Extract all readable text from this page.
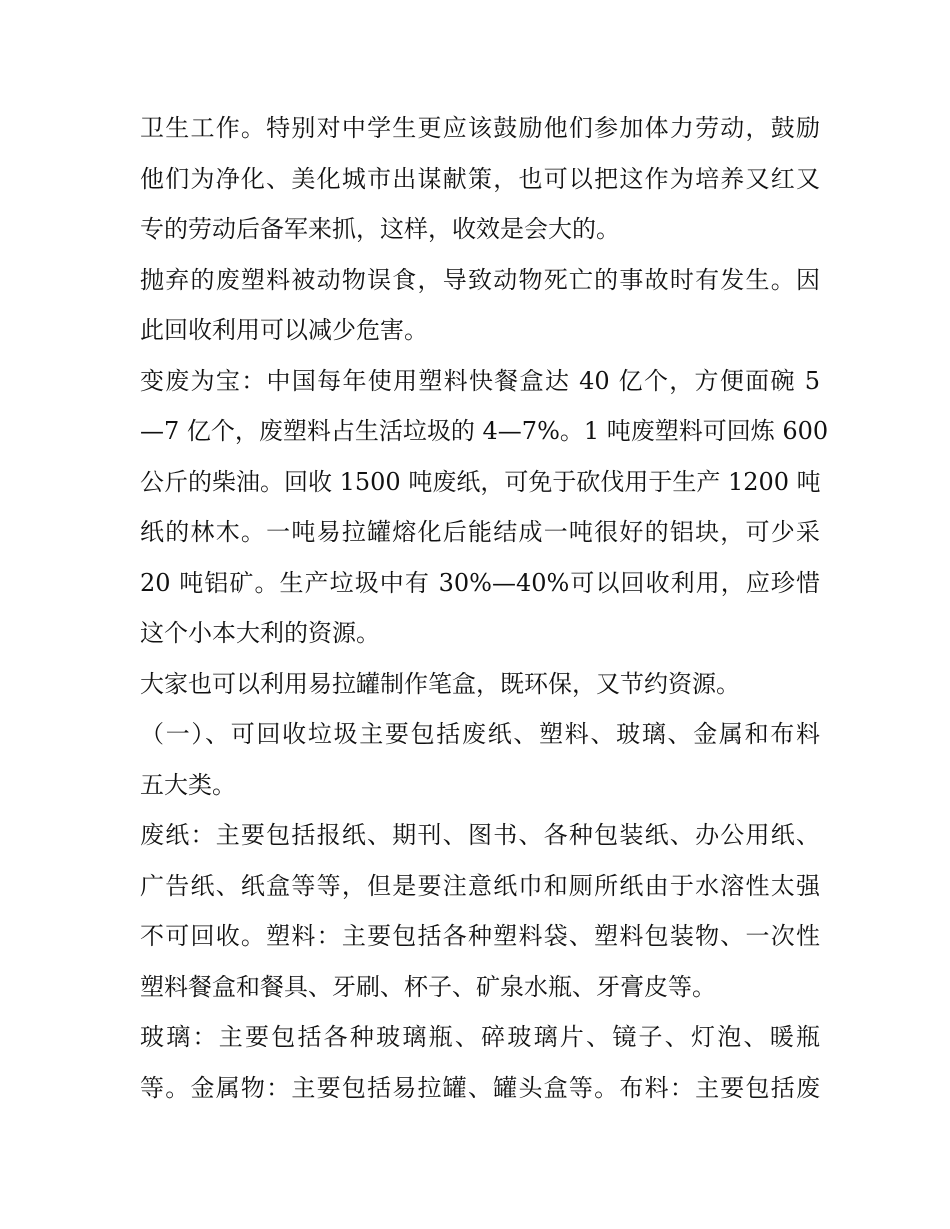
卫生工作。特别对中学生更应该鼓励他们参加体力劳动，鼓励
他们为净化、美化城市出谋献策，也可以把这作为培养又红又
专的劳动后备军来抓，这样，收效是会大的。
抛弃的废塑料被动物误食，导致动物死亡的事故时有发生。因
此回收利用可以减少危害。
变废为宝：中国每年使用塑料快餐盒达 40 亿个，方便面碗 5
—7 亿个，废塑料占生活垃圾的 4—7%。1 吨废塑料可回炼 600
公斤的柴油。回收 1500 吨废纸，可免于砍伐用于生产 1200 吨
纸的林木。一吨易拉罐熔化后能结成一吨很好的铝块，可少采
20 吨铝矿。生产垃圾中有 30%—40%可以回收利用，应珍惜
这个小本大利的资源。
大家也可以利用易拉罐制作笔盒，既环保，又节约资源。
（一）、可回收垃圾主要包括废纸、塑料、玻璃、金属和布料
五大类。
废纸：主要包括报纸、期刊、图书、各种包装纸、办公用纸、
广告纸、纸盒等等，但是要注意纸巾和厕所纸由于水溶性太强
不可回收。塑料：主要包括各种塑料袋、塑料包装物、一次性
塑料餐盒和餐具、牙刷、杯子、矿泉水瓶、牙膏皮等。
玻璃：主要包括各种玻璃瓶、碎玻璃片、镜子、灯泡、暖瓶
等。金属物：主要包括易拉罐、罐头盒等。布料：主要包括废
